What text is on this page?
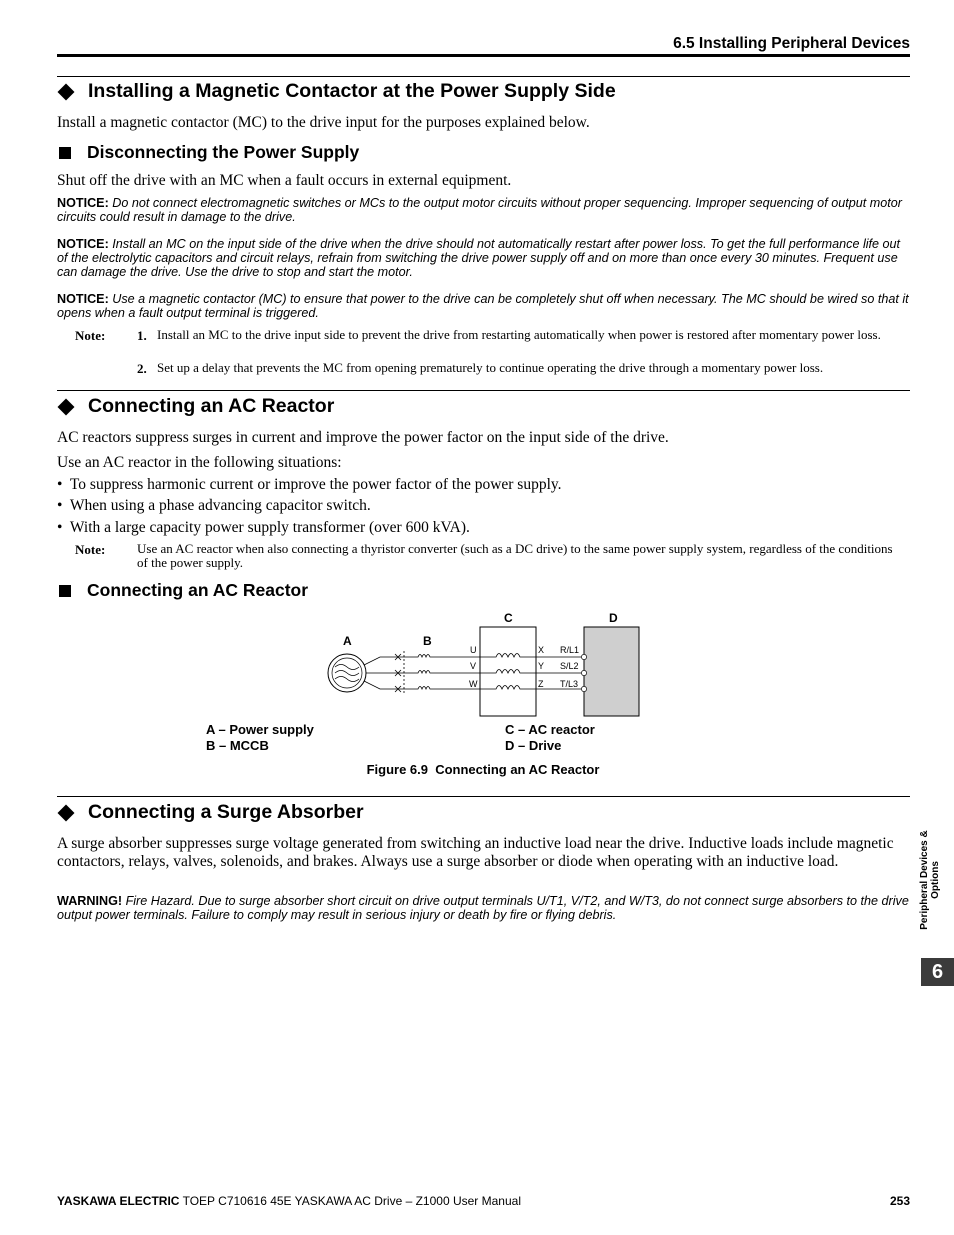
6.5 Installing Peripheral Devices
Installing a Magnetic Contactor at the Power Supply Side
Install a magnetic contactor (MC) to the drive input for the purposes explained below.
Disconnecting the Power Supply
Shut off the drive with an MC when a fault occurs in external equipment.
NOTICE: Do not connect electromagnetic switches or MCs to the output motor circuits without proper sequencing. Improper sequencing of output motor circuits could result in damage to the drive.
NOTICE: Install an MC on the input side of the drive when the drive should not automatically restart after power loss. To get the full performance life out of the electrolytic capacitors and circuit relays, refrain from switching the drive power supply off and on more than once every 30 minutes. Frequent use can damage the drive. Use the drive to stop and start the motor.
NOTICE: Use a magnetic contactor (MC) to ensure that power to the drive can be completely shut off when necessary. The MC should be wired so that it opens when a fault output terminal is triggered.
Note: 1. Install an MC to the drive input side to prevent the drive from restarting automatically when power is restored after momentary power loss.
2. Set up a delay that prevents the MC from opening prematurely to continue operating the drive through a momentary power loss.
Connecting an AC Reactor
AC reactors suppress surges in current and improve the power factor on the input side of the drive.
Use an AC reactor in the following situations:
•  To suppress harmonic current or improve the power factor of the power supply.
•  When using a phase advancing capacitor switch.
•  With a large capacity power supply transformer (over 600 kVA).
Note: Use an AC reactor when also connecting a thyristor converter (such as a DC drive) to the same power supply system, regardless of the conditions of the power supply.
Connecting an AC Reactor
A	B
C	D
U
V
W
X
Y
Z
R/L1
S/L2
T/L3
A – Power supply
B – MCCB
C – AC reactor
D – Drive
Figure 6.9  Connecting an AC Reactor
Connecting a Surge Absorber
A surge absorber suppresses surge voltage generated from switching an inductive load near the drive. Inductive loads include magnetic contactors, relays, valves, solenoids, and brakes. Always use a surge absorber or diode when operating with an inductive load.
WARNING! Fire Hazard. Due to surge absorber short circuit on drive output terminals U/T1, V/T2, and W/T3, do not connect surge absorbers to the drive output power terminals. Failure to comply may result in serious injury or death by fire or flying debris.	Peripheral Devices & Options
6
YASKAWA ELECTRIC TOEP C710616 45E YASKAWA AC Drive – Z1000 User Manual	253
